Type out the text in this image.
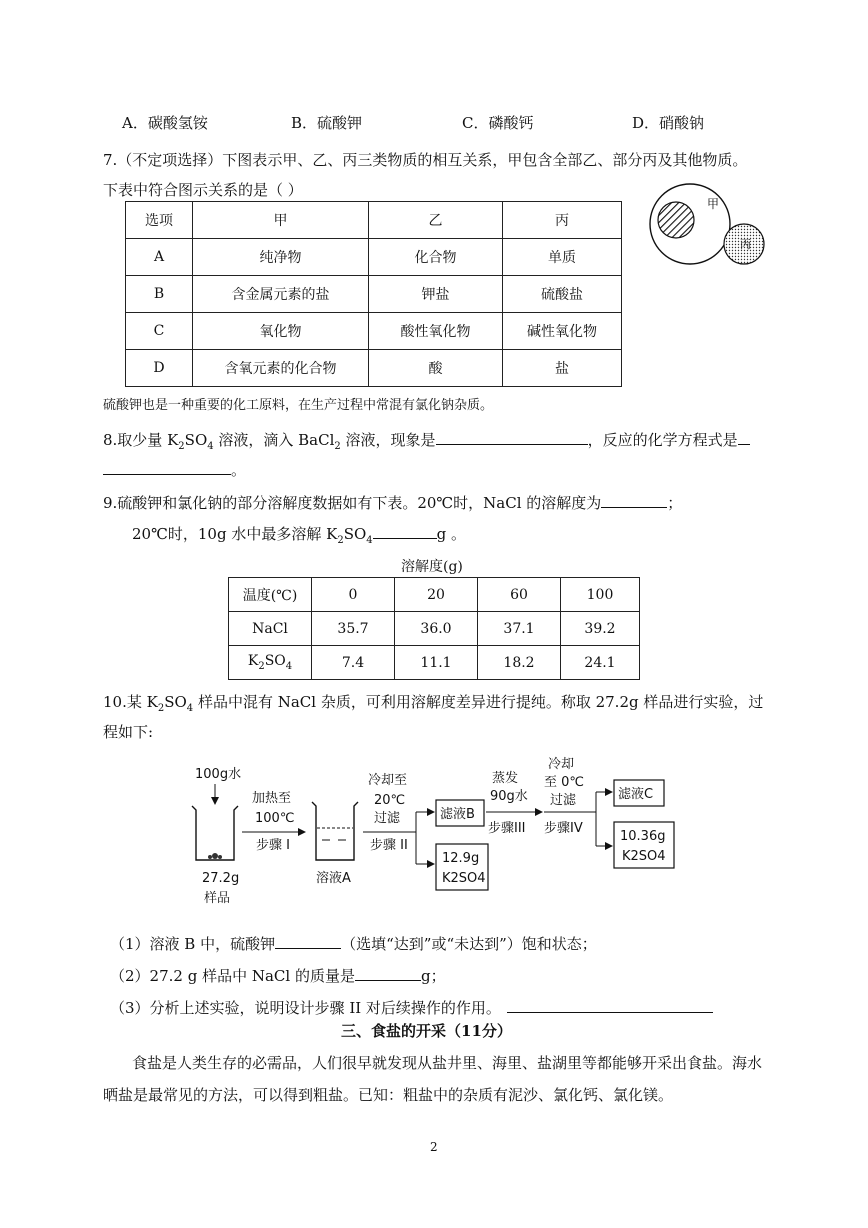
A．碳酸氢铵	B．硫酸钾	C．磷酸钙	D．硝酸钠
7.（不定项选择）下图表示甲、乙、丙三类物质的相互关系，甲包含全部乙、部分丙及其他物质。
下表中符合图示关系的是（ ）
选项	甲	乙	丙
A	纯净物	化合物	单质
B	含金属元素的盐	钾盐	硫酸盐
C	氧化物	酸性氧化物	碱性氧化物
D	含氧元素的化合物	酸	盐
甲
丙
硫酸钾也是一种重要的化工原料，在生产过程中常混有氯化钠杂质。
8.取少量 $K_2SO_4$ 溶液，滴入 BaCl$_2$ 溶液，现象是	，反应的化学方程式是
。
9.硫酸钾和氯化钠的部分溶解度数据如有下表。20℃时，NaCl 的溶解度为	；
20℃时，10g 水中最多溶解 $K_2SO_4$	g 。
溶解度(g)
温度(℃)	0	20	60	100
NaCl	35.7	36.0	37.1	39.2
$K_2SO_4$	7.4	11.1	18.2	24.1
10.某 $K_2SO_4$ 样品中混有 NaCl 杂质，可利用溶解度差异进行提纯。称取 27.2g 样品进行实验，过
程如下:
100g水
27.2g
样品
加热至
100℃
步骤 I
溶液A
冷却至
20℃
过滤
步骤 II
滤液B
12.9g
K2SO4
蒸发
90g水
步骤III
冷却
至 0℃
过滤
步骤IV
滤液C
10.36g
K2SO4
（1）溶液 B 中，硫酸钾	（选填“达到”或“未达到”）饱和状态；
（2）27.2 g 样品中 NaCl 的质量是	g；
（3）分析上述实验，说明设计步骤 II 对后续操作的作用。
三、食盐的开采（11分）
食盐是人类生存的必需品，人们很早就发现从盐井里、海里、盐湖里等都能够开采出食盐。海水
晒盐是最常见的方法，可以得到粗盐。已知：粗盐中的杂质有泥沙、氯化钙、氯化镁。
2
